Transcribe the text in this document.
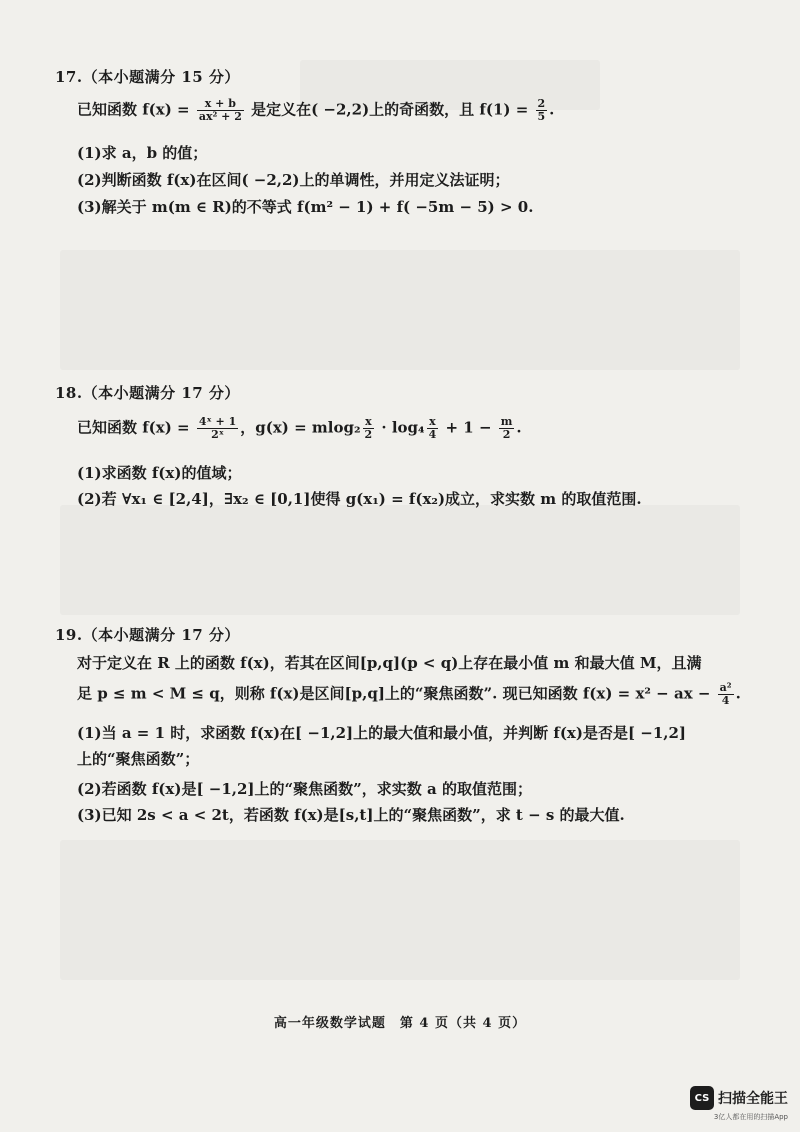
17.（本小题满分 15 分）
已知函数 $f(x) = \frac{x + b}{\text{ax² + 2}}$ 是定义在( −2,2)上的奇函数，且 $f(1) = \frac{2}{5}$ .
(1)求 a，b 的值；
(2)判断函数 f(x)在区间( −2,2)上的单调性，并用定义法证明；
(3)解关于 m(m ∈ R)的不等式 f(m² − 1) + f( −5m − 5) > 0.
18.（本小题满分 17 分）
已知函数 $f(x) = \frac{\text{4ˣ + 1}}{\text{2ˣ}}$ ，$g(x) = mlog_2 \frac{x}{2} \cdot \log_4 \frac{x}{4} + 1 - \frac{m}{2}$ .
(1)求函数 f(x)的值域；
(2)若 ∀x₁ ∈ [2,4]，∃x₂ ∈ [0,1]使得 g(x₁) = f(x₂)成立，求实数 m 的取值范围.
19.（本小题满分 17 分）
对于定义在 R 上的函数 f(x)，若其在区间[p,q](p < q)上存在最小值 m 和最大值 M，且满
足 p ≤ m < M ≤ q，则称 f(x)是区间[p,q]上的“聚焦函数”. 现已知函数 f(x) = x² − ax − $\frac{\text{a²}}{4}$ .
(1)当 a = 1 时，求函数 f(x)在[ −1,2]上的最大值和最小值，并判断 f(x)是否是[ −1,2]
上的“聚焦函数”；
(2)若函数 f(x)是[ −1,2]上的“聚焦函数”，求实数 a 的取值范围；
(3)已知 2s < a < 2t，若函数 f(x)是[s,t]上的“聚焦函数”，求 t − s 的最大值.
高一年级数学试题　第 4 页（共 4 页）
CS 扫描全能王
3亿人都在用的扫描App
